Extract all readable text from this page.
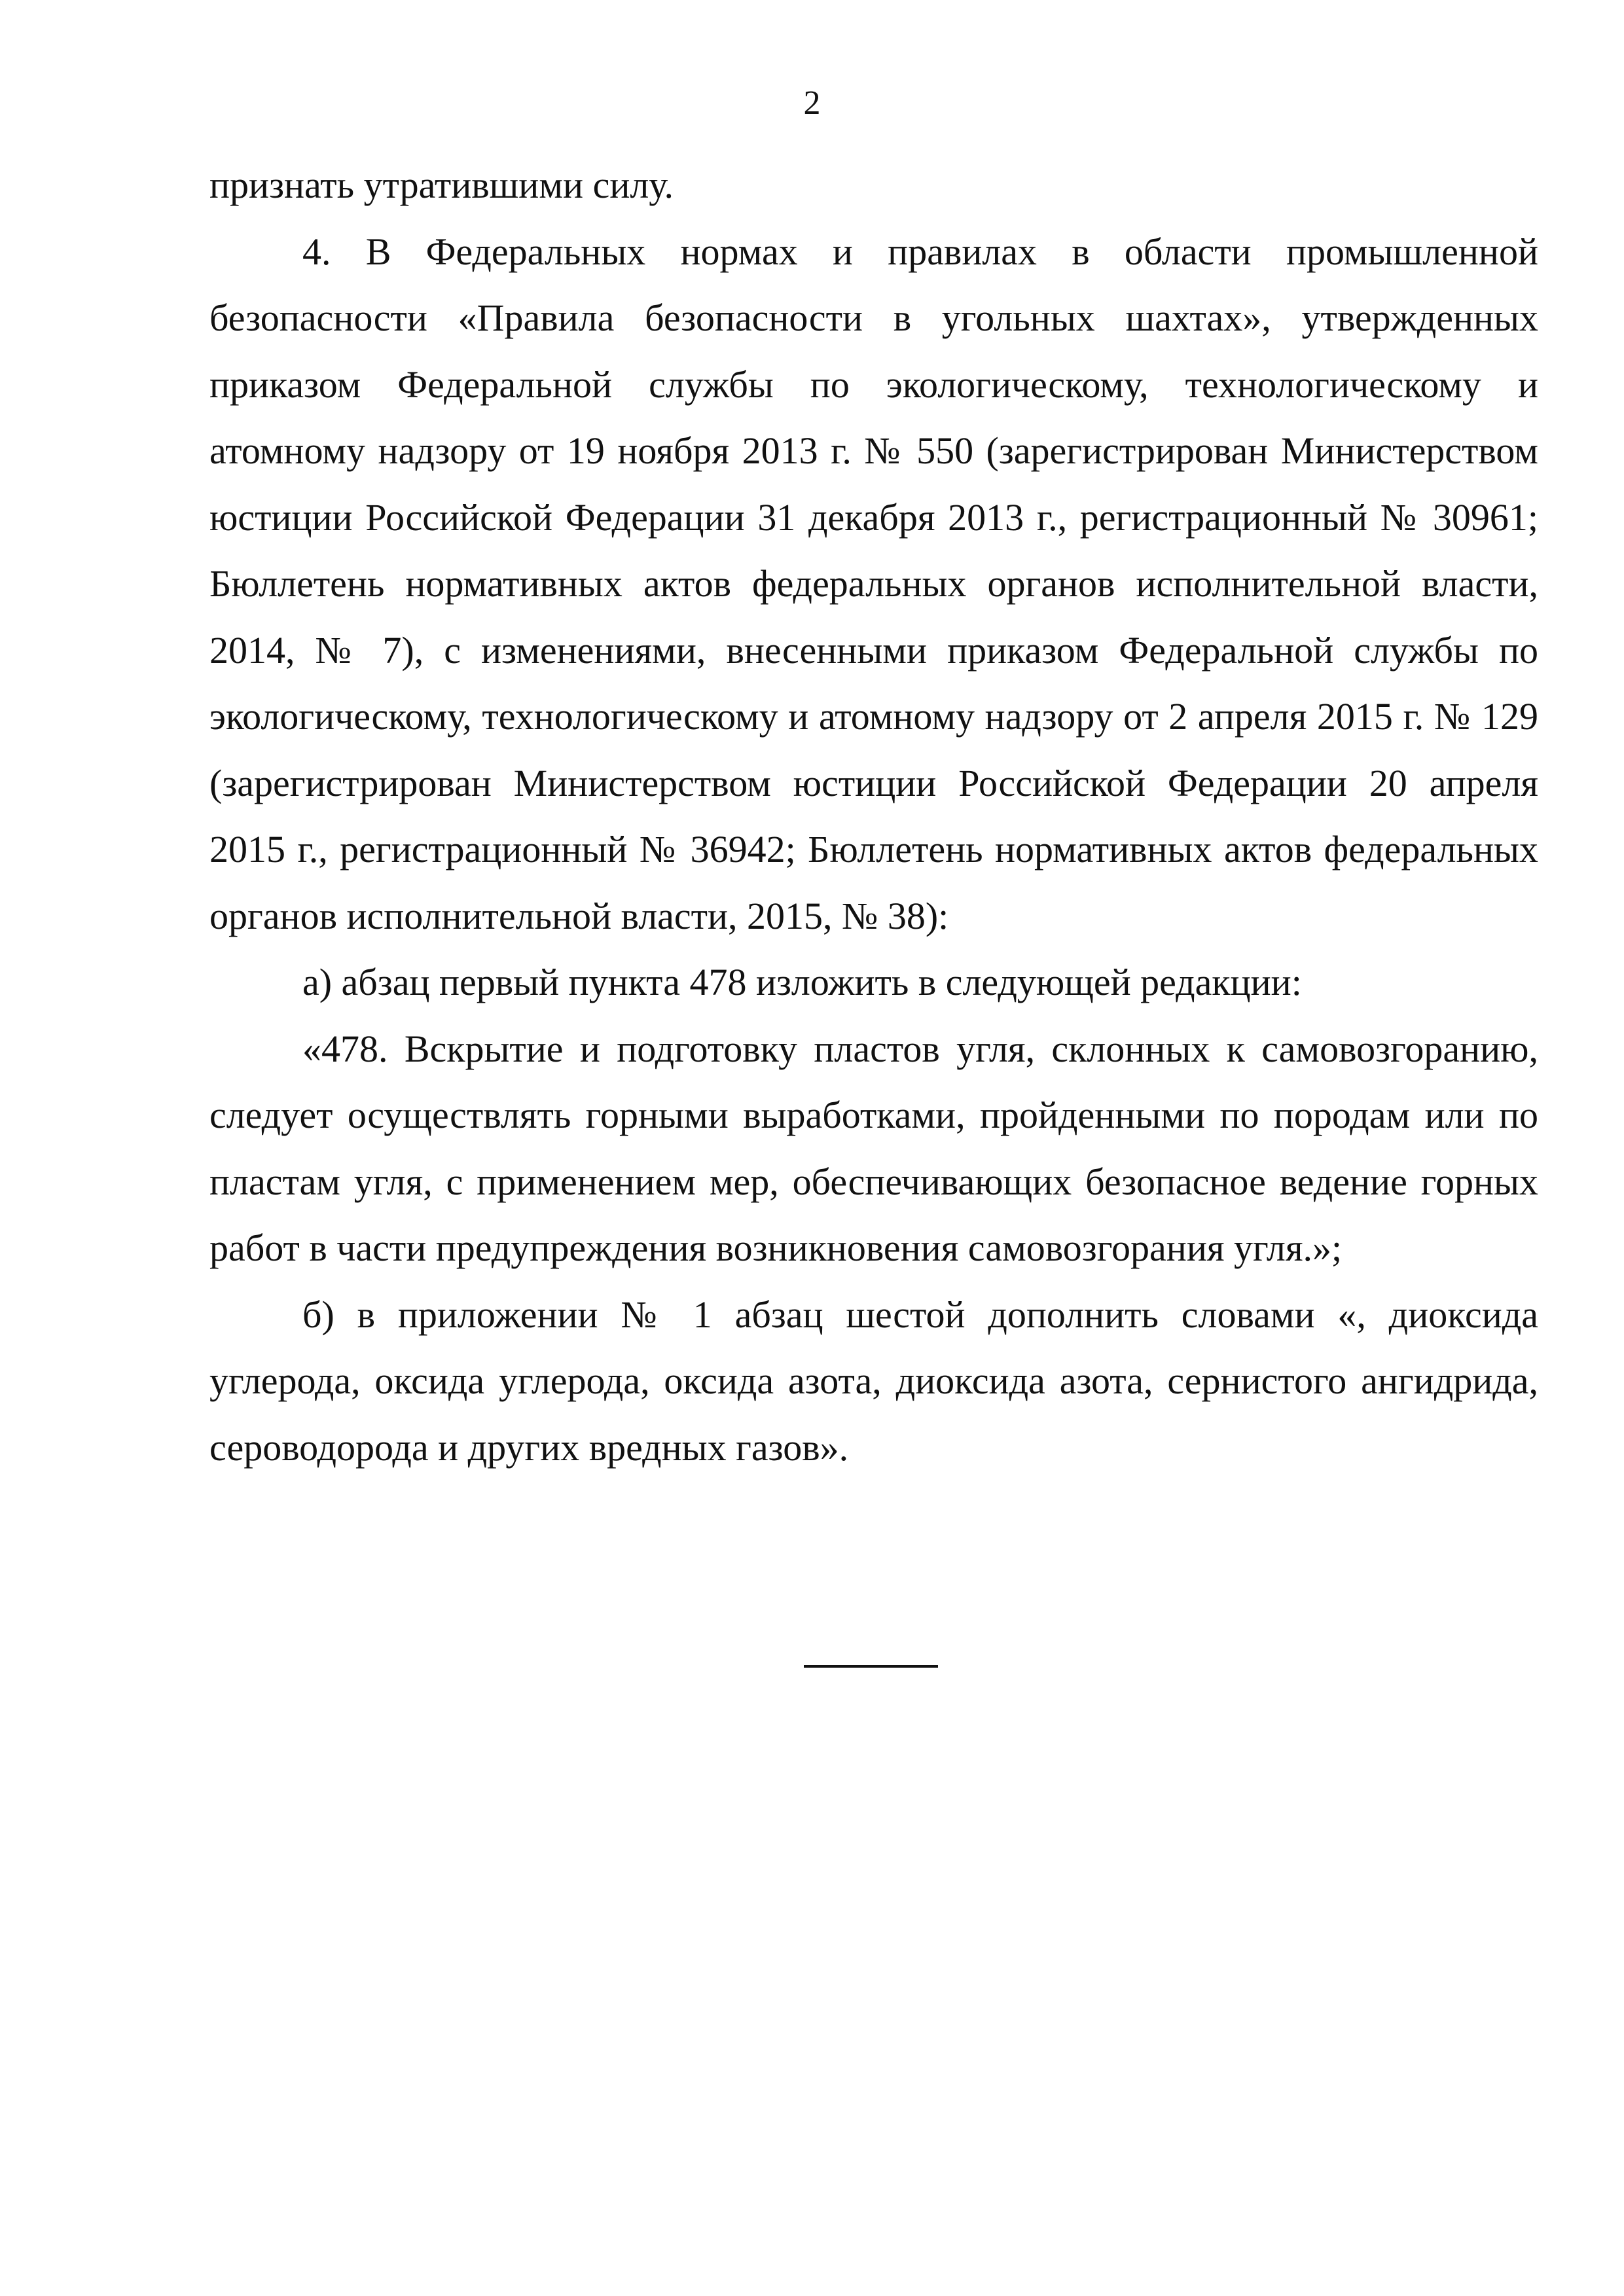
2

признать утратившими силу.

4. В Федеральных нормах и правилах в области промышленной безопасности «Правила безопасности в угольных шахтах», утвержденных приказом Федеральной службы по экологическому, технологическому и атомному надзору от 19 ноября 2013 г. № 550 (зарегистрирован Министерством юстиции Российской Федерации 31 декабря 2013 г., регистрационный № 30961; Бюллетень нормативных актов федеральных органов исполнительной власти, 2014, № 7), с изменениями, внесенными приказом Федеральной службы по экологическому, технологическому и атомному надзору от 2 апреля 2015 г. № 129 (зарегистрирован Министерством юстиции Российской Федерации 20 апреля 2015 г., регистрационный № 36942; Бюллетень нормативных актов федеральных органов исполнительной власти, 2015, № 38):

а) абзац первый пункта 478 изложить в следующей редакции:

«478. Вскрытие и подготовку пластов угля, склонных к самовозгоранию, следует осуществлять горными выработками, пройденными по породам или по пластам угля, с применением мер, обеспечивающих безопасное ведение горных работ в части предупреждения возникновения самовозгорания угля.»;

б) в приложении № 1 абзац шестой дополнить словами «, диоксида углерода, оксида углерода, оксида азота, диоксида азота, сернистого ангидрида, сероводорода и других вредных газов».
